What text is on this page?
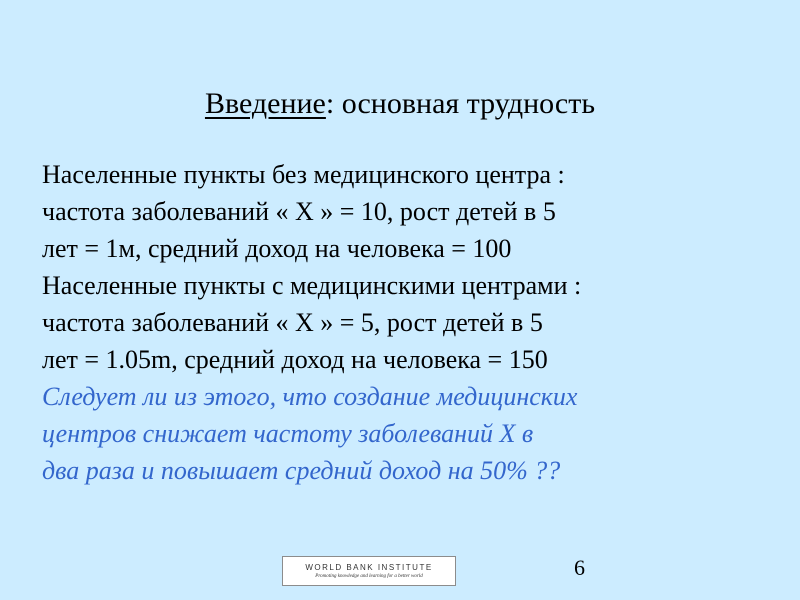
Введение: основная трудность

Населенные пункты без медицинского центра :
частота заболеваний « Х » = 10, рост детей в 5
лет = 1м, средний доход на человека = 100

Населенные пункты с медицинскими центрами :
частота заболеваний « Х » = 5, рост детей в 5
лет = 1.05m, средний доход на человека = 150

Следует ли из этого, что создание медицинских
центров снижает частоту заболеваний Х в
два раза и повышает средний доход на 50% ??

WORLD BANK INSTITUTE
Promoting knowledge and learning for a better world	6
